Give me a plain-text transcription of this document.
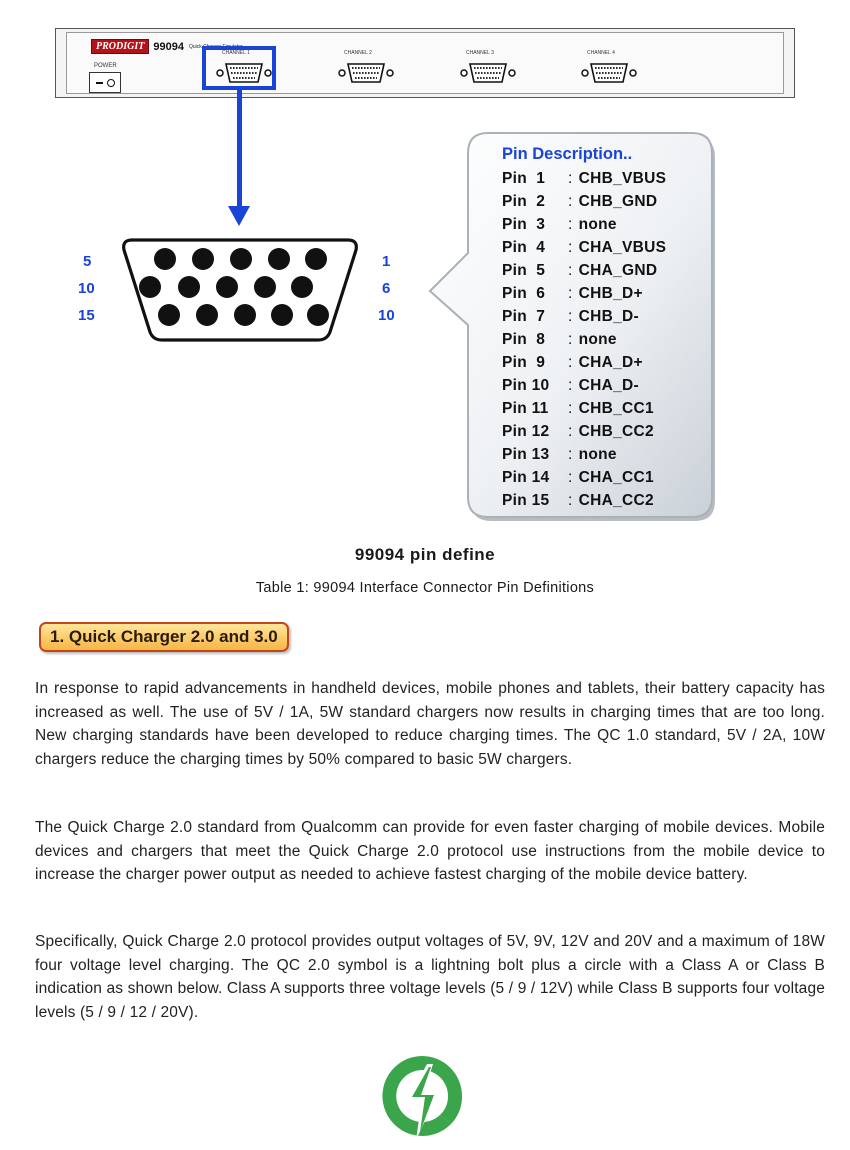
PRODIGIT 99094 Quick Charger Emulator
POWER
CHANNEL 1	CHANNEL 2	CHANNEL 3	CHANNEL 4
5
10
15
1
6
10
Pin Description..
Pin  1 : CHB_VBUS
Pin  2 : CHB_GND
Pin  3 : none
Pin  4 : CHA_VBUS
Pin  5 : CHA_GND
Pin  6 : CHB_D+
Pin  7 : CHB_D-
Pin  8 : none
Pin  9 : CHA_D+
Pin 10 : CHA_D-
Pin 11 : CHB_CC1
Pin 12 : CHB_CC2
Pin 13 : none
Pin 14 : CHA_CC1
Pin 15 : CHA_CC2
99094 pin define
Table 1: 99094 Interface Connector Pin Definitions
1. Quick Charger 2.0 and 3.0

In response to rapid advancements in handheld devices, mobile phones and tablets, their battery capacity has increased as well. The use of 5V / 1A, 5W standard chargers now results in charging times that are too long. New charging standards have been developed to reduce charging times. The QC 1.0 standard, 5V / 2A, 10W chargers reduce the charging times by 50% compared to basic 5W chargers.

The Quick Charge 2.0 standard from Qualcomm can provide for even faster charging of mobile devices. Mobile devices and chargers that meet the Quick Charge 2.0 protocol use instructions from the mobile device to increase the charger power output as needed to achieve fastest charging of the mobile device battery.

Specifically, Quick Charge 2.0 protocol provides output voltages of 5V, 9V, 12V and 20V and a maximum of 18W four voltage level charging. The QC 2.0 symbol is a lightning bolt plus a circle with a Class A or Class B indication as shown below. Class A supports three voltage levels (5 / 9 / 12V) while Class B supports four voltage levels (5 / 9 / 12 / 20V).
